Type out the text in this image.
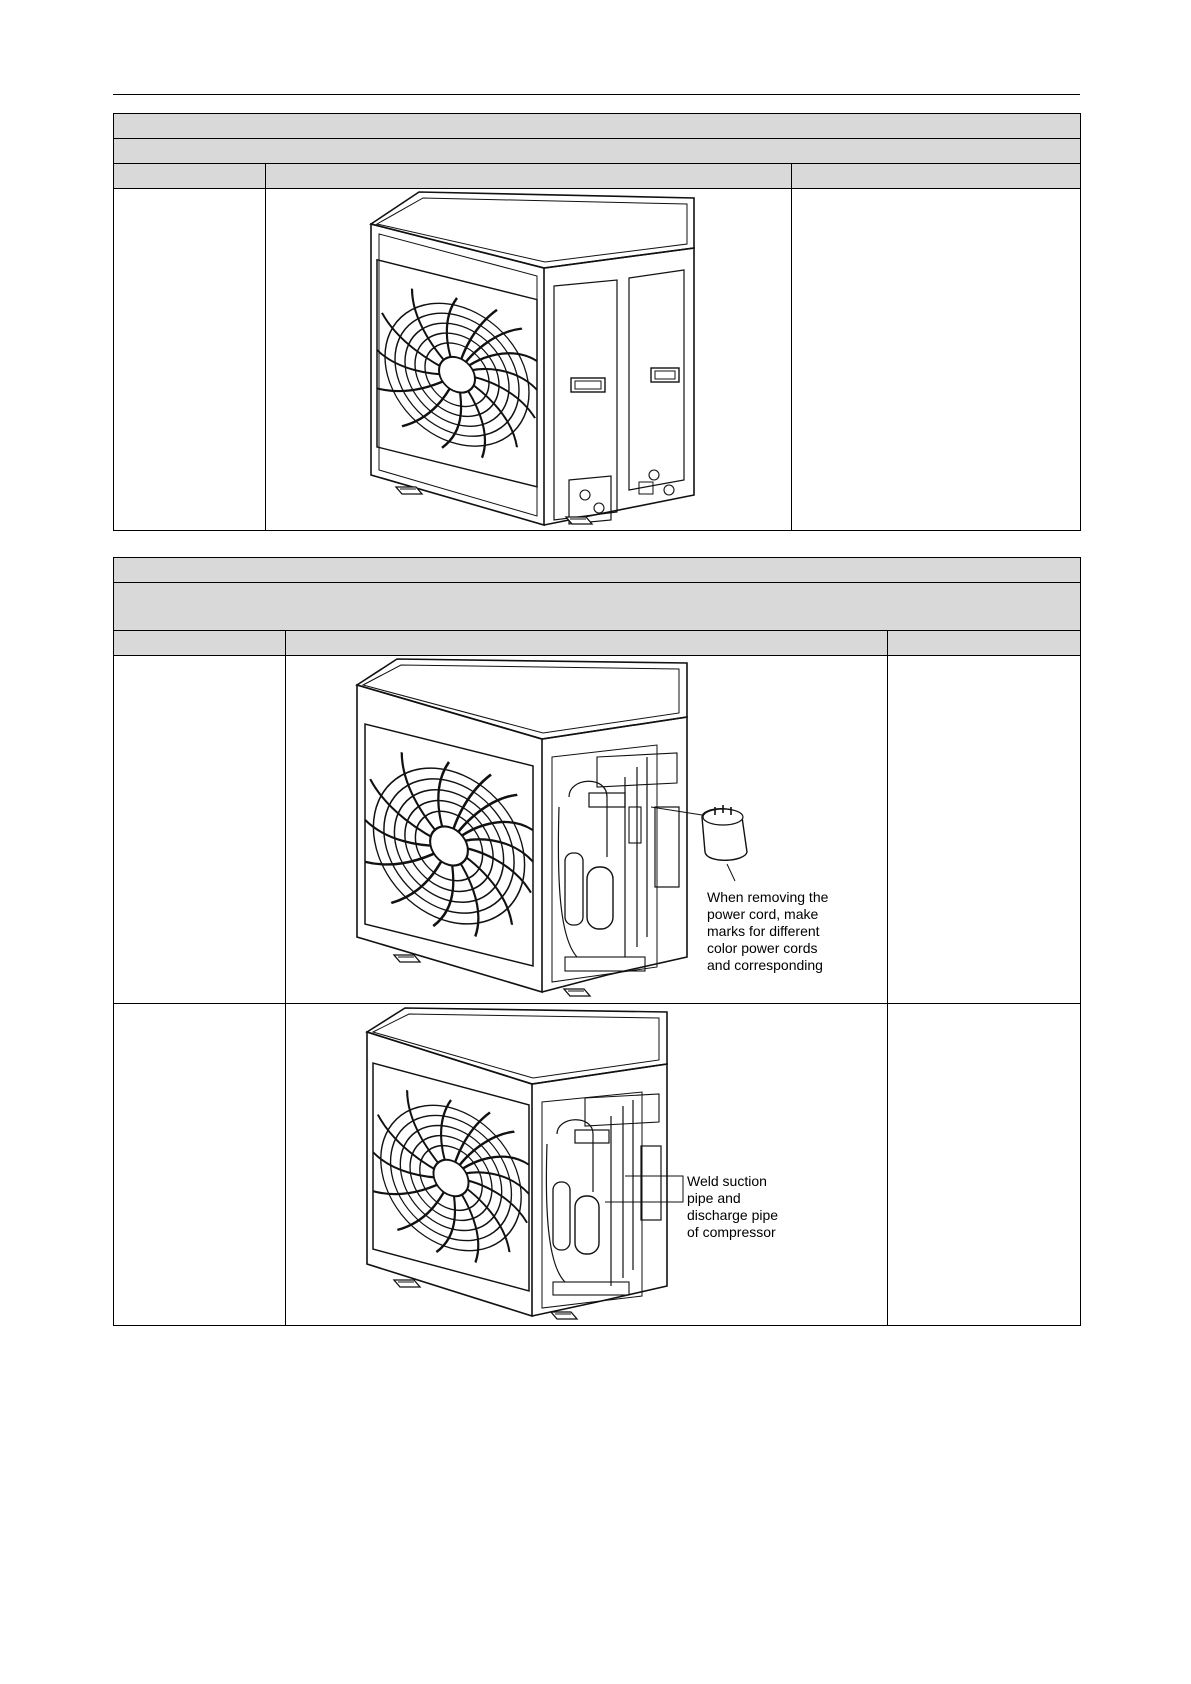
When removing the
power cord, make
marks for different
color power cords
and corresponding	

Weld suction
pipe and
discharge pipe
of compressor	
